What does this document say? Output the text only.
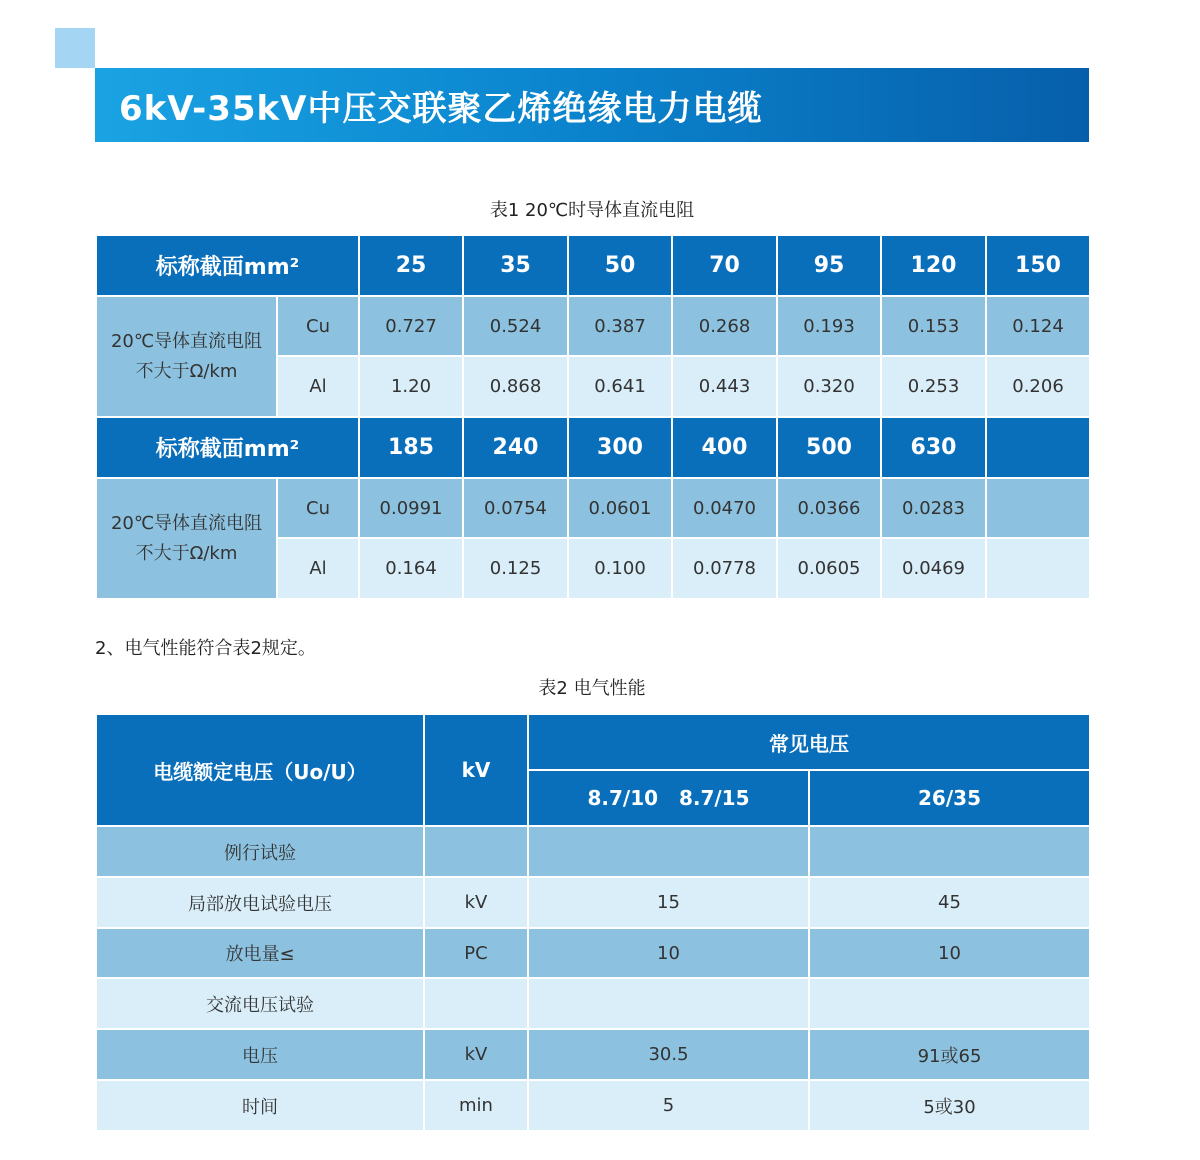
6kV-35kV中压交联聚乙烯绝缘电力电缆
表1 20℃时导体直流电阻
标称截面mm²		25	35	50	70	95	120	150

20℃导体直流电阻
不大于Ω/km	Cu	0.727	0.524	0.387	0.268	0.193	0.153	0.124
	Al	1.20	0.868	0.641	0.443	0.320	0.253	0.206
标称截面mm²		185	240	300	400	500	630	

20℃导体直流电阻
不大于Ω/km	Cu	0.0991	0.0754	0.0601	0.0470	0.0366	0.0283	
	Al	0.164	0.125	0.100	0.0778	0.0605	0.0469	
2、电气性能符合表2规定。
表2 电气性能
电缆额定电压（Uo/U）	kV	常见电压	
		8.7/10   8.7/15	26/35
例行试验			
局部放电试验电压	kV	15	45
放电量≤	PC	10	10
交流电压试验			
电压	kV	30.5	91或65
时间	min	5	5或30
